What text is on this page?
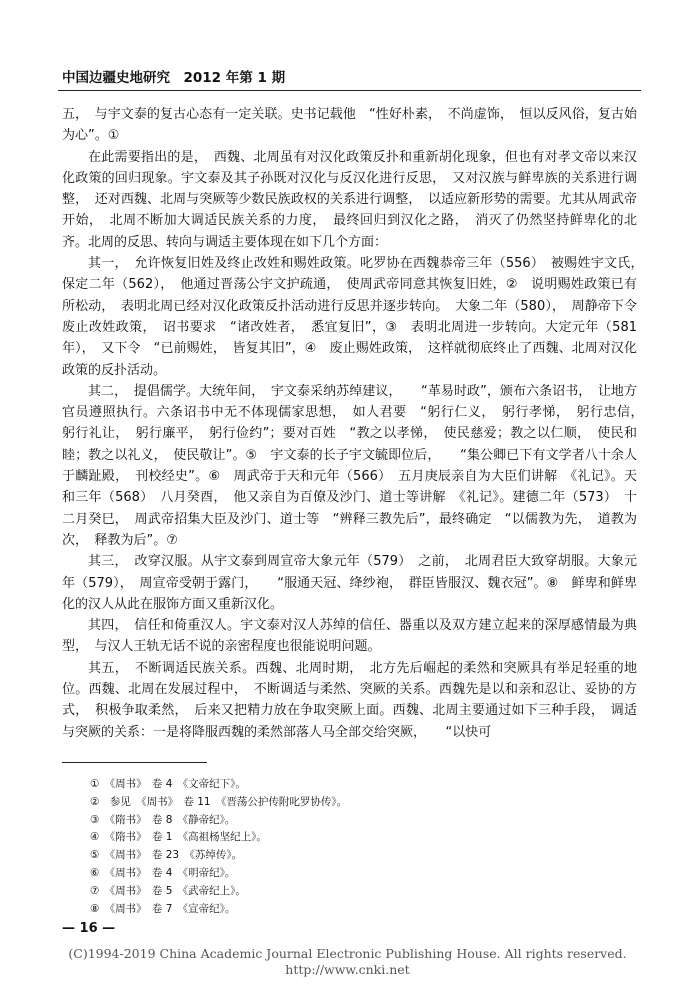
中国边疆史地研究　2012 年第 1 期

五，　与宇文泰的复古心态有一定关联。史书记载他　“性好朴素，　不尚虚饰，　恒以反风俗，复古始为心”。①

在此需要指出的是，　西魏、北周虽有对汉化政策反扑和重新胡化现象，但也有对孝文帝以来汉化政策的回归现象。宇文泰及其子孙既对汉化与反汉化进行反思，　又对汉族与鲜卑族的关系进行调整，　还对西魏、北周与突厥等少数民族政权的关系进行调整，　以适应新形势的需要。尤其从周武帝开始，　北周不断加大调适民族关系的力度，　最终回归到汉化之路，　消灭了仍然坚持鲜卑化的北齐。北周的反思、转向与调适主要体现在如下几个方面：

其一，　允许恢复旧姓及终止改姓和赐姓政策。叱罗协在西魏恭帝三年（556）　被赐姓宇文氏，　保定二年（562），　他通过晋荡公宇文护疏通，　使周武帝同意其恢复旧姓，②　说明赐姓政策已有所松动，　表明北周已经对汉化政策反扑活动进行反思并逐步转向。　大象二年（580），　周静帝下令废止改姓政策，　诏书要求　“诸改姓者，　悉宜复旧”，③　表明北周进一步转向。大定元年（581年），　又下令　“已前赐姓，　皆复其旧”，④　废止赐姓政策，　这样就彻底终止了西魏、北周对汉化政策的反扑活动。

其二，　提倡儒学。大统年间，　宇文泰采纳苏绰建议，　　“革易时政”，颁布六条诏书，　让地方官员遵照执行。六条诏书中无不体现儒家思想，　如人君要　“躬行仁义，　躬行孝悌，　躬行忠信，　躬行礼让，　躬行廉平，　躬行俭约”；要对百姓　“教之以孝悌，　使民慈爱；教之以仁顺，　使民和睦；教之以礼义，　使民敬让”。⑤　宇文泰的长子宇文毓即位后，　　“集公卿已下有文学者八十余人于麟趾殿，　刊校经史”。⑥　周武帝于天和元年（566）　五月庚辰亲自为大臣们讲解　《礼记》。天和三年（568）　八月癸酉，　他又亲自为百僚及沙门、道士等讲解　《礼记》。建德二年（573）　十二月癸巳，　周武帝招集大臣及沙门、道士等　“辨释三教先后”，最终确定　“以儒教为先，　道教为次，　释教为后”。⑦

其三，　改穿汉服。从宇文泰到周宣帝大象元年（579）　之前，　北周君臣大致穿胡服。大象元年（579），　周宣帝受朝于露门，　　“服通天冠、绛纱袍，　群臣皆服汉、魏衣冠”。⑧　鲜卑和鲜卑化的汉人从此在服饰方面又重新汉化。

其四，　信任和倚重汉人。宇文泰对汉人苏绰的信任、器重以及双方建立起来的深厚感情最为典型，　与汉人王轨无话不说的亲密程度也很能说明问题。

其五，　不断调适民族关系。西魏、北周时期，　北方先后崛起的柔然和突厥具有举足轻重的地位。西魏、北周在发展过程中，　不断调适与柔然、突厥的关系。西魏先是以和亲和忍让、妥协的方式，　积极争取柔然，　后来又把精力放在争取突厥上面。西魏、北周主要通过如下三种手段，　调适与突厥的关系：一是将降服西魏的柔然部落人马全部交给突厥，　　“以快可

①　《周书》　卷 4　《文帝纪下》。
②　参见　《周书》　卷 11　《晋荡公护传附叱罗协传》。
③　《隋书》　卷 8　《静帝纪》。
④　《隋书》　卷 1　《高祖杨坚纪上》。
⑤　《周书》　卷 23　《苏绰传》。
⑥　《周书》　卷 4　《明帝纪》。
⑦　《周书》　卷 5　《武帝纪上》。
⑧　《周书》　卷 7　《宣帝纪》。
— 16 —
(C)1994-2019 China Academic Journal Electronic Publishing House. All rights reserved.　　http://www.cnki.net
